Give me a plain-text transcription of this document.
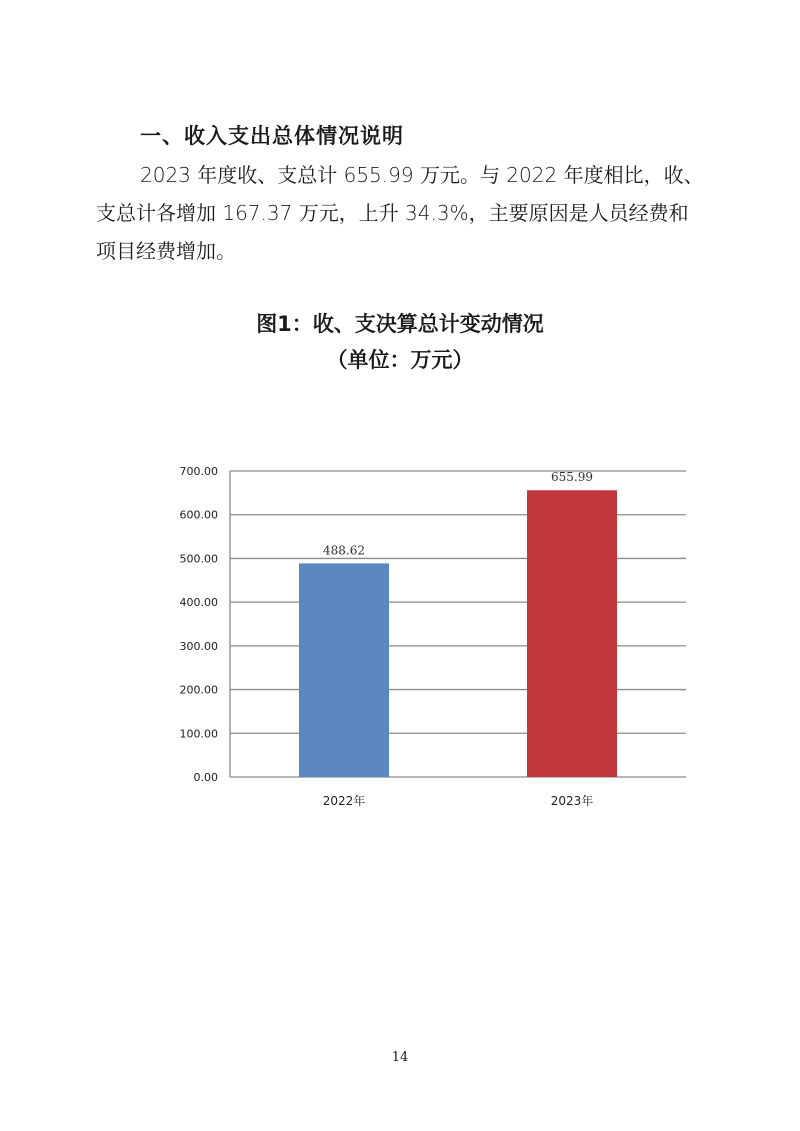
一、收入支出总体情况说明

2023 年度收、支总计 655.99 万元。与 2022 年度相比，收、

支总计各增加 167.37 万元，上升 34.3%，主要原因是人员经费和

项目经费增加。

图1：收、支决算总计变动情况
（单位：万元）
0.00
100.00
200.00
300.00
400.00
500.00
600.00
700.00
488.62
2022年
655.99
2023年
14
